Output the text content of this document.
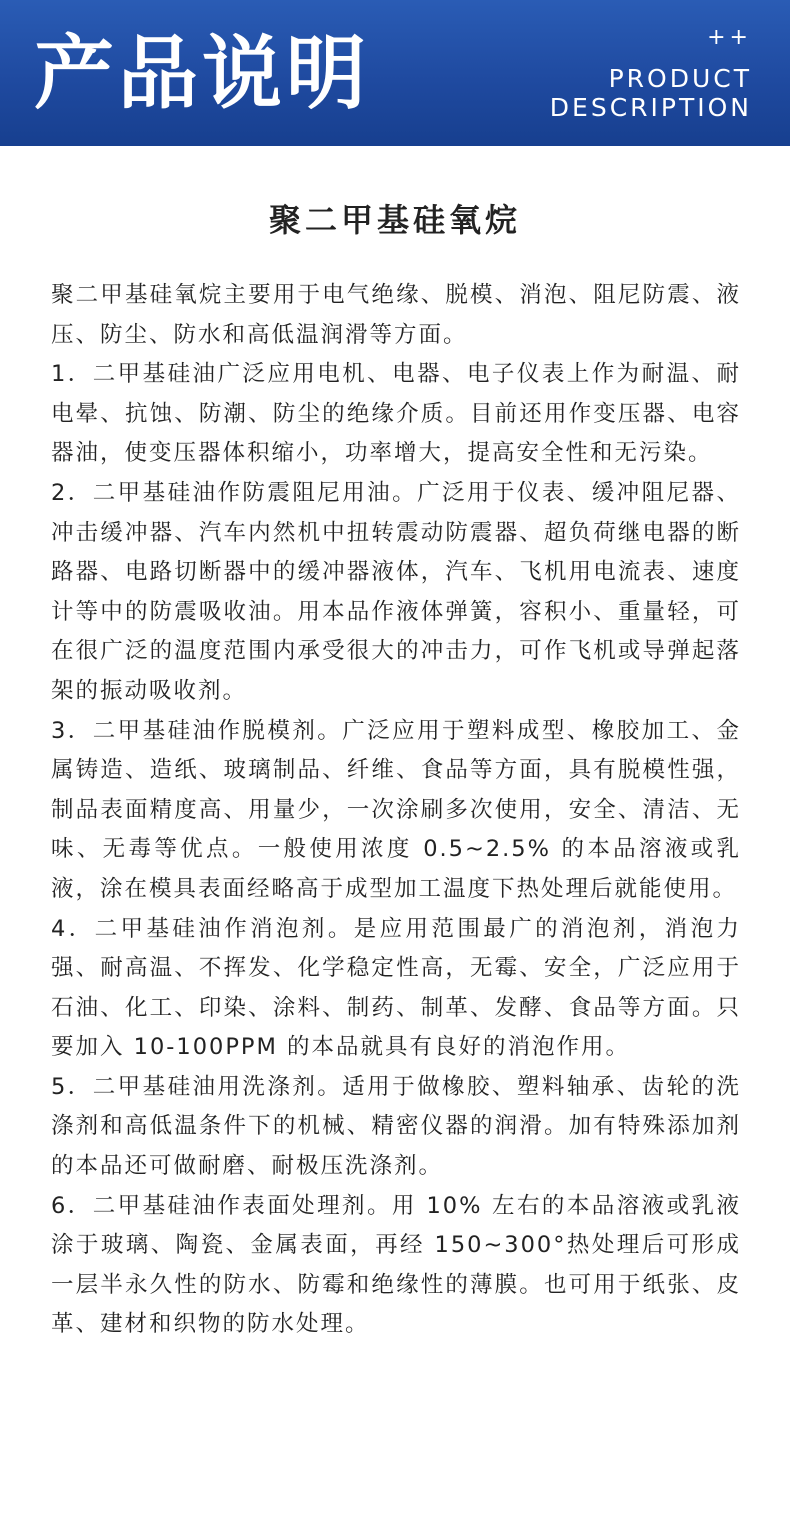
产品说明	++
PRODUCT
DESCRIPTION
聚二甲基硅氧烷

聚二甲基硅氧烷主要用于电气绝缘、脱模、消泡、阻尼防震、液压、防尘、防水和高低温润滑等方面。

1．二甲基硅油广泛应用电机、电器、电子仪表上作为耐温、耐电晕、抗蚀、防潮、防尘的绝缘介质。目前还用作变压器、电容器油，使变压器体积缩小，功率增大，提高安全性和无污染。

2．二甲基硅油作防震阻尼用油。广泛用于仪表、缓冲阻尼器、冲击缓冲器、汽车内然机中扭转震动防震器、超负荷继电器的断路器、电路切断器中的缓冲器液体，汽车、飞机用电流表、速度计等中的防震吸收油。用本品作液体弹簧，容积小、重量轻，可在很广泛的温度范围内承受很大的冲击力，可作飞机或导弹起落架的振动吸收剂。

3．二甲基硅油作脱模剂。广泛应用于塑料成型、橡胶加工、金属铸造、造纸、玻璃制品、纤维、食品等方面，具有脱模性强，制品表面精度高、用量少，一次涂刷多次使用，安全、清洁、无味、无毒等优点。一般使用浓度 0.5~2.5% 的本品溶液或乳液，涂在模具表面经略高于成型加工温度下热处理后就能使用。

4．二甲基硅油作消泡剂。是应用范围最广的消泡剂，消泡力强、耐高温、不挥发、化学稳定性高，无霉、安全，广泛应用于石油、化工、印染、涂料、制药、制革、发酵、食品等方面。只要加入 10-100PPM 的本品就具有良好的消泡作用。

5．二甲基硅油用洗涤剂。适用于做橡胶、塑料轴承、齿轮的洗涤剂和高低温条件下的机械、精密仪器的润滑。加有特殊添加剂的本品还可做耐磨、耐极压洗涤剂。

6．二甲基硅油作表面处理剂。用 10% 左右的本品溶液或乳液涂于玻璃、陶瓷、金属表面，再经 150~300°热处理后可形成一层半永久性的防水、防霉和绝缘性的薄膜。也可用于纸张、皮革、建材和织物的防水处理。
